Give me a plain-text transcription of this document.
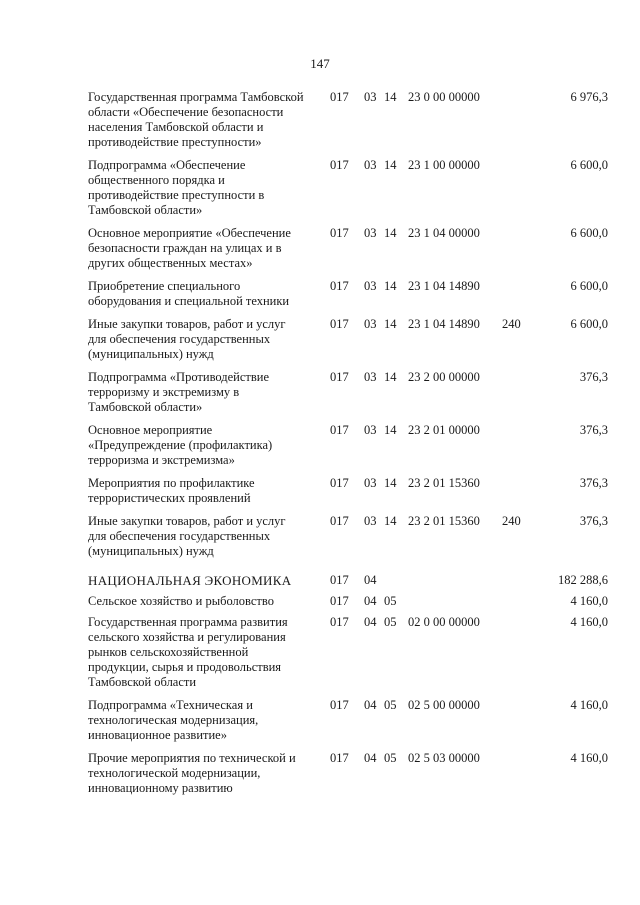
147
Государственная программа Тамбовской области «Обеспечение безопасности населения Тамбовской области и противодействие преступности»
017 03 14 23 0 00 00000	6 976,3
Подпрограмма «Обеспечение общественного порядка и противодействие преступности в Тамбовской области»
017 03 14 23 1 00 00000	6 600,0
Основное мероприятие «Обеспечение безопасности граждан на улицах и в других общественных местах»
017 03 14 23 1 04 00000	6 600,0
Приобретение специального оборудования и специальной техники
017 03 14 23 1 04 14890	6 600,0
Иные закупки товаров, работ и услуг для обеспечения государственных (муниципальных) нужд
017 03 14 23 1 04 14890 240	6 600,0
Подпрограмма «Противодействие терроризму и экстремизму в Тамбовской области»
017 03 14 23 2 00 00000	376,3
Основное мероприятие «Предупреждение (профилактика) терроризма и экстремизма»
017 03 14 23 2 01 00000	376,3
Мероприятия по профилактике террористических проявлений
017 03 14 23 2 01 15360	376,3
Иные закупки товаров, работ и услуг для обеспечения государственных (муниципальных) нужд
017 03 14 23 2 01 15360 240	376,3
НАЦИОНАЛЬНАЯ ЭКОНОМИКА	017 04	182 288,6
Сельское хозяйство и рыболовство	017 04 05	4 160,0
Государственная программа развития сельского хозяйства и регулирования рынков сельскохозяйственной продукции, сырья и продовольствия Тамбовской области
017 04 05 02 0 00 00000	4 160,0
Подпрограмма «Техническая и технологическая модернизация, инновационное развитие»
017 04 05 02 5 00 00000	4 160,0
Прочие мероприятия по технической и технологической модернизации, инновационному развитию
017 04 05 02 5 03 00000	4 160,0
